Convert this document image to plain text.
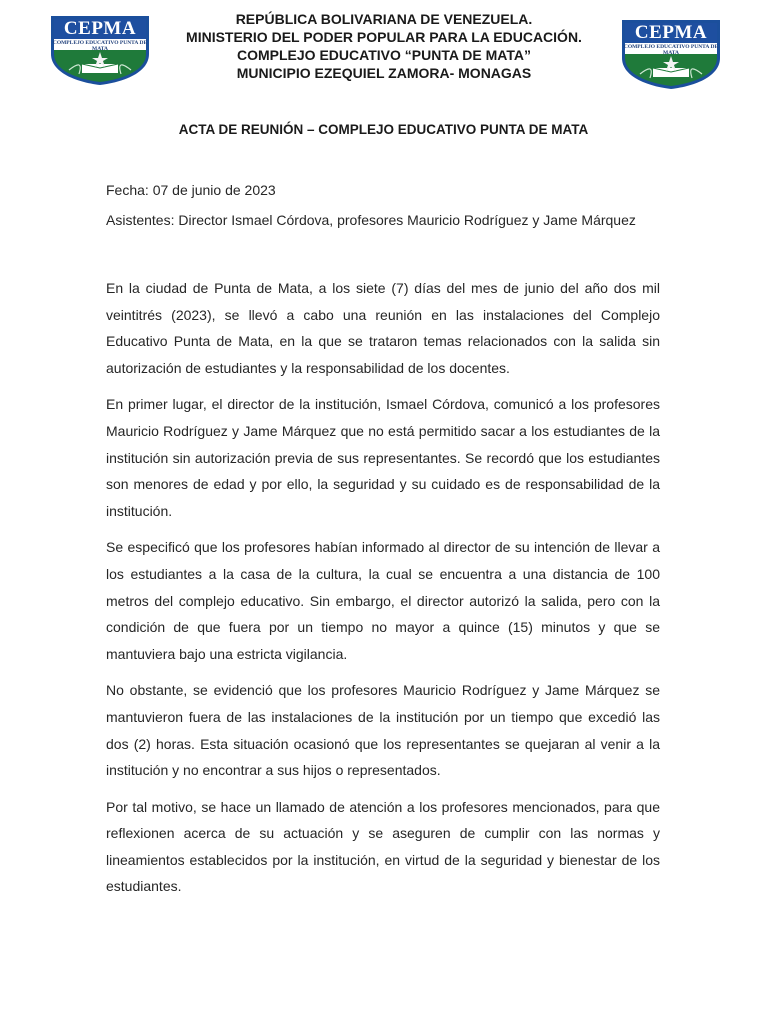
CEPMA
COMPLEJO EDUCATIVO PUNTA DE MATA
CEPMA
COMPLEJO EDUCATIVO PUNTA DE MATA
REPÚBLICA BOLIVARIANA DE VENEZUELA.
MINISTERIO DEL PODER POPULAR PARA LA EDUCACIÓN.
COMPLEJO EDUCATIVO “PUNTA DE MATA”
MUNICIPIO EZEQUIEL ZAMORA- MONAGAS
ACTA DE REUNIÓN – COMPLEJO EDUCATIVO PUNTA DE MATA

Fecha: 07 de junio de 2023

Asistentes: Director Ismael Córdova, profesores Mauricio Rodríguez y Jame Márquez

En la ciudad de Punta de Mata, a los siete (7) días del mes de junio del año dos mil veintitrés (2023), se llevó a cabo una reunión en las instalaciones del Complejo Educativo Punta de Mata, en la que se trataron temas relacionados con la salida sin autorización de estudiantes y la responsabilidad de los docentes.

En primer lugar, el director de la institución, Ismael Córdova, comunicó a los profesores Mauricio Rodríguez y Jame Márquez que no está permitido sacar a los estudiantes de la institución sin autorización previa de sus representantes. Se recordó que los estudiantes son menores de edad y por ello, la seguridad y su cuidado es de responsabilidad de la institución.

Se especificó que los profesores habían informado al director de su intención de llevar a los estudiantes a la casa de la cultura, la cual se encuentra a una distancia de 100 metros del complejo educativo. Sin embargo, el director autorizó la salida, pero con la condición de que fuera por un tiempo no mayor a quince (15) minutos y que se mantuviera bajo una estricta vigilancia.

No obstante, se evidenció que los profesores Mauricio Rodríguez y Jame Márquez se mantuvieron fuera de las instalaciones de la institución por un tiempo que excedió las dos (2) horas. Esta situación ocasionó que los representantes se quejaran al venir a la institución y no encontrar a sus hijos o representados.

Por tal motivo, se hace un llamado de atención a los profesores mencionados, para que reflexionen acerca de su actuación y se aseguren de cumplir con las normas y lineamientos establecidos por la institución, en virtud de la seguridad y bienestar de los estudiantes.
